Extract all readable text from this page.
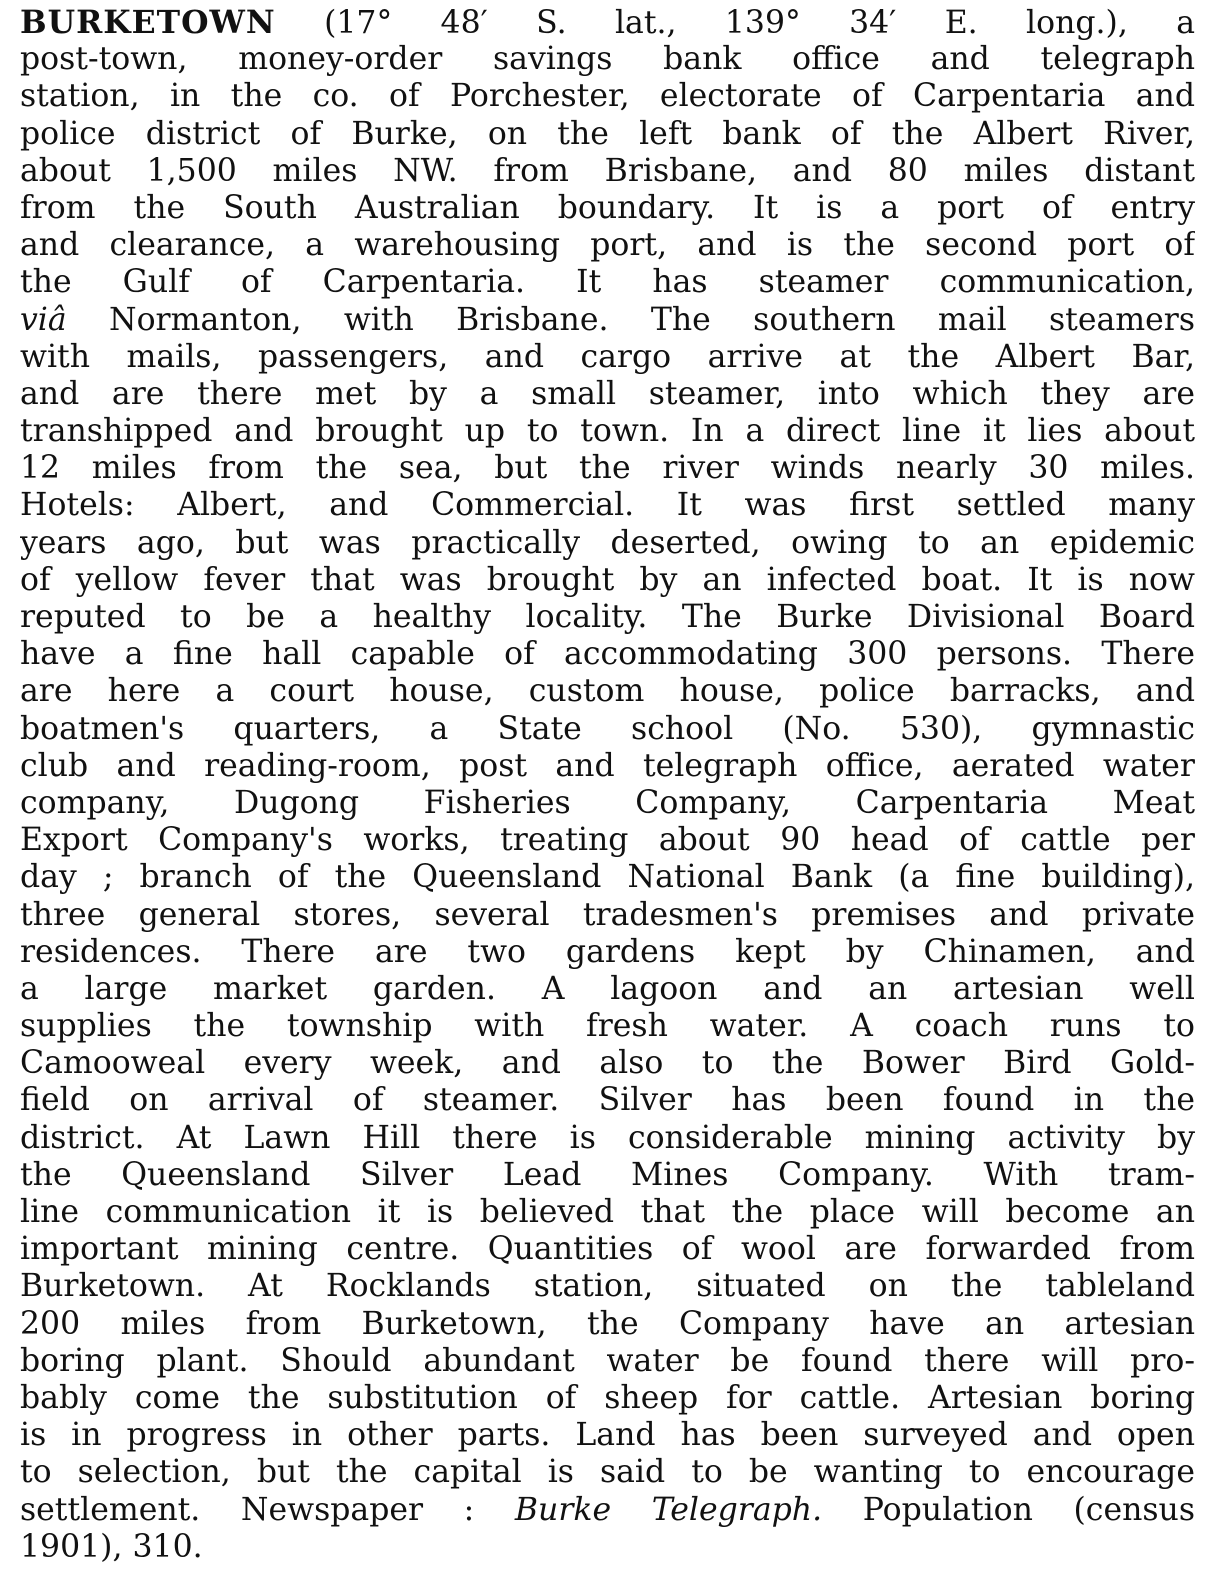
BURKETOWN (17° 48′ S. lat., 139° 34′ E. long.), a
post-town, money-order savings bank office and telegraph
station, in the co. of Porchester, electorate of Carpentaria and
police district of Burke, on the left bank of the Albert River,
about 1,500 miles NW. from Brisbane, and 80 miles distant
from the South Australian boundary. It is a port of entry
and clearance, a warehousing port, and is the second port of
the Gulf of Carpentaria. It has steamer communication,
viâ Normanton, with Brisbane. The southern mail steamers
with mails, passengers, and cargo arrive at the Albert Bar,
and are there met by a small steamer, into which they are
transhipped and brought up to town. In a direct line it lies about
12 miles from the sea, but the river winds nearly 30 miles.
Hotels: Albert, and Commercial. It was first settled many
years ago, but was practically deserted, owing to an epidemic
of yellow fever that was brought by an infected boat. It is now
reputed to be a healthy locality. The Burke Divisional Board
have a fine hall capable of accommodating 300 persons. There
are here a court house, custom house, police barracks, and
boatmen's quarters, a State school (No. 530), gymnastic
club and reading-room, post and telegraph office, aerated water
company, Dugong Fisheries Company, Carpentaria Meat
Export Company's works, treating about 90 head of cattle per
day ; branch of the Queensland National Bank (a fine building),
three general stores, several tradesmen's premises and private
residences. There are two gardens kept by Chinamen, and
a large market garden. A lagoon and an artesian well
supplies the township with fresh water. A coach runs to
Camooweal every week, and also to the Bower Bird Gold-
field on arrival of steamer. Silver has been found in the
district. At Lawn Hill there is considerable mining activity by
the Queensland Silver Lead Mines Company. With tram-
line communication it is believed that the place will become an
important mining centre. Quantities of wool are forwarded from
Burketown. At Rocklands station, situated on the tableland
200 miles from Burketown, the Company have an artesian
boring plant. Should abundant water be found there will pro-
bably come the substitution of sheep for cattle. Artesian boring
is in progress in other parts. Land has been surveyed and open
to selection, but the capital is said to be wanting to encourage
settlement. Newspaper : Burke Telegraph. Population (census
1901), 310.
